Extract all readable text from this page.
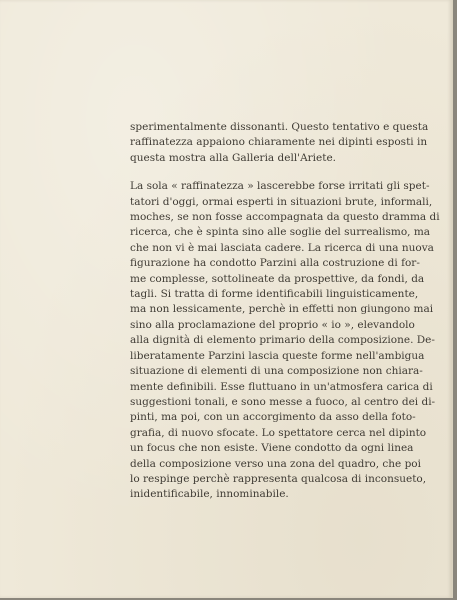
sperimentalmente dissonanti. Questo tentativo e questa
raffinatezza appaiono chiaramente nei dipinti esposti in
questa mostra alla Galleria dell'Ariete.

La sola « raffinatezza » lascerebbe forse irritati gli spet-
tatori d'oggi, ormai esperti in situazioni brute, informali,
moches, se non fosse accompagnata da questo dramma di
ricerca, che è spinta sino alle soglie del surrealismo, ma
che non vi è mai lasciata cadere. La ricerca di una nuova
figurazione ha condotto Parzini alla costruzione di for-
me complesse, sottolineate da prospettive, da fondi, da
tagli. Si tratta di forme identificabili linguisticamente,
ma non lessicamente, perchè in effetti non giungono mai
sino alla proclamazione del proprio « io », elevandolo
alla dignità di elemento primario della composizione. De-
liberatamente Parzini lascia queste forme nell'ambigua
situazione di elementi di una composizione non chiara-
mente definibili. Esse fluttuano in un'atmosfera carica di
suggestioni tonali, e sono messe a fuoco, al centro dei di-
pinti, ma poi, con un accorgimento da asso della foto-
grafia, di nuovo sfocate. Lo spettatore cerca nel dipinto
un focus che non esiste. Viene condotto da ogni linea
della composizione verso una zona del quadro, che poi
lo respinge perchè rappresenta qualcosa di inconsueto,
inidentificabile, innominabile.
